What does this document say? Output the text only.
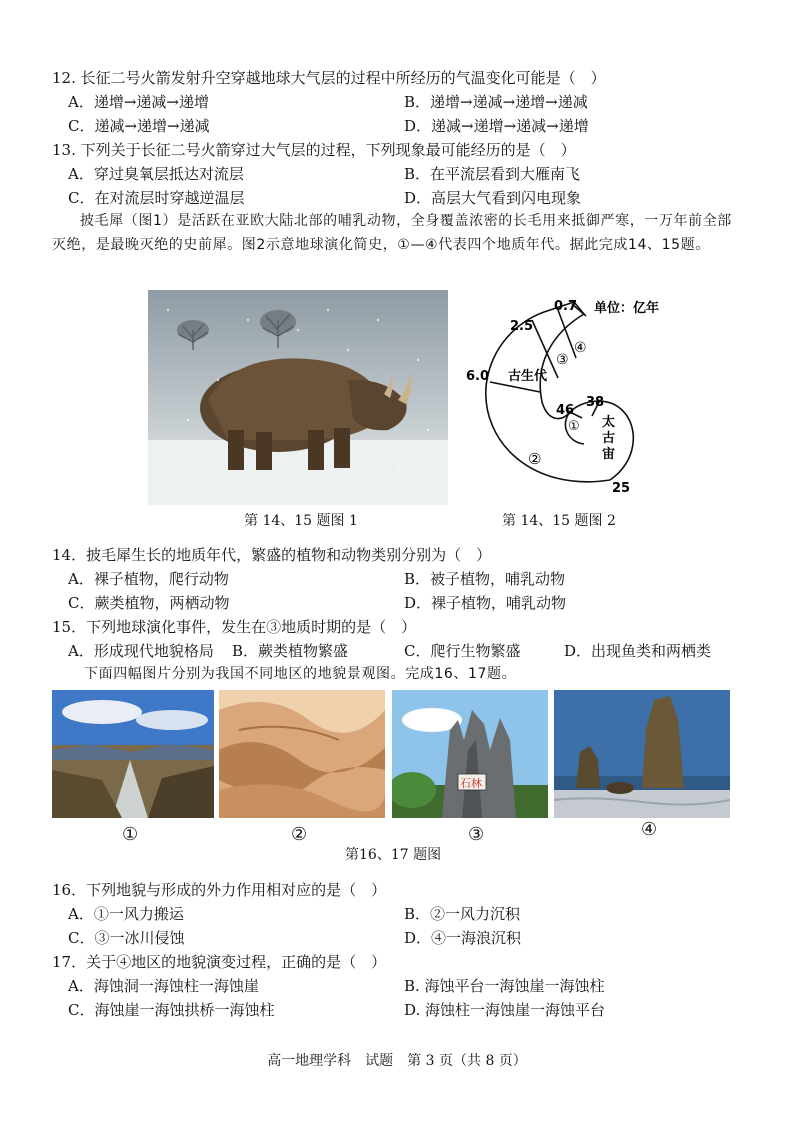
12. 长征二号火箭发射升空穿越地球大气层的过程中所经历的气温变化可能是（　）
A．递增→递减→递增	B．递增→递减→递增→递减
C．递减→递增→递减	D．递减→递增→递减→递增
13. 下列关于长征二号火箭穿过大气层的过程，下列现象最可能经历的是（　）
A．穿过臭氧层抵达对流层	B．在平流层看到大雁南飞
C．在对流层时穿越逆温层	D．高层大气看到闪电现象
披毛犀（图1）是活跃在亚欧大陆北部的哺乳动物，全身覆盖浓密的长毛用来抵御严寒，一万年前全部灭绝，是最晚灭绝的史前犀。图2示意地球演化简史，①—④代表四个地质年代。据此完成14、15题。
第 14、15 题图 1
0.7 单位：亿年
2.5
6.0 古生代
③
④
46
38
① 太
古
宙
②
25
第 14、15 题图 2
14．披毛犀生长的地质年代，繁盛的植物和动物类别分别为（　）
A．裸子植物，爬行动物	B．被子植物，哺乳动物
C．蕨类植物，两栖动物	D．裸子植物，哺乳动物
15．下列地球演化事件，发生在③地质时期的是（　）
A．形成现代地貌格局 B．蕨类植物繁盛	C．爬行生物繁盛	D．出现鱼类和两栖类
下面四幅图片分别为我国不同地区的地貌景观图。完成16、17题。
石林
①	②	③	④
第16、17 题图
16．下列地貌与形成的外力作用相对应的是（　）
A．①一风力搬运	B．②一风力沉积
C．③一冰川侵蚀	D．④一海浪沉积
17．关于④地区的地貌演变过程，正确的是（　）
A．海蚀洞一海蚀柱一海蚀崖	B. 海蚀平台一海蚀崖一海蚀柱
C．海蚀崖一海蚀拱桥一海蚀柱	D. 海蚀柱一海蚀崖一海蚀平台
高一地理学科　试题　第 3 页（共 8 页）
